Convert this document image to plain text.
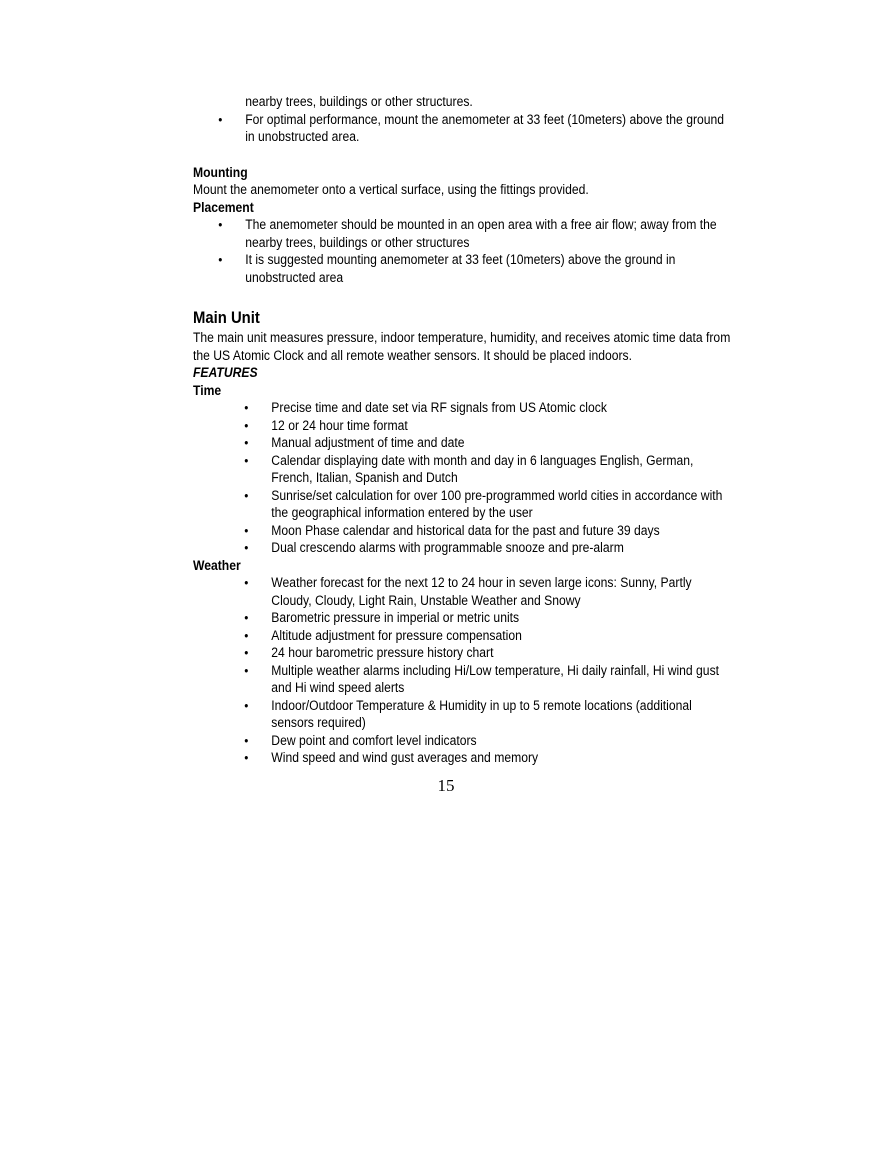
nearby trees, buildings or other structures.

• For optimal performance, mount the anemometer at 33 feet (10meters) above the ground in unobstructed area.

Mounting

Mount the anemometer onto a vertical surface, using the fittings provided.

Placement

• The anemometer should be mounted in an open area with a free air flow; away from the nearby trees, buildings or other structures
• It is suggested mounting anemometer at 33 feet (10meters) above the ground in unobstructed area

Main Unit

The main unit measures pressure, indoor temperature, humidity, and receives atomic time data from the US Atomic Clock and all remote weather sensors. It should be placed indoors.

FEATURES

Time

• Precise time and date set via RF signals from US Atomic clock
• 12 or 24 hour time format
• Manual adjustment of time and date
• Calendar displaying date with month and day in 6 languages English, German, French, Italian, Spanish and Dutch
• Sunrise/set calculation for over 100 pre-programmed world cities in accordance with the geographical information entered by the user
• Moon Phase calendar and historical data for the past and future 39 days
• Dual crescendo alarms with programmable snooze and pre-alarm

Weather

• Weather forecast for the next 12 to 24 hour in seven large icons: Sunny, Partly Cloudy, Cloudy, Light Rain, Unstable Weather and Snowy
• Barometric pressure in imperial or metric units
• Altitude adjustment for pressure compensation
• 24 hour barometric pressure history chart
• Multiple weather alarms including Hi/Low temperature, Hi daily rainfall, Hi wind gust and Hi wind speed alerts
• Indoor/Outdoor Temperature & Humidity in up to 5 remote locations (additional sensors required)
• Dew point and comfort level indicators
• Wind speed and wind gust averages and memory
15
